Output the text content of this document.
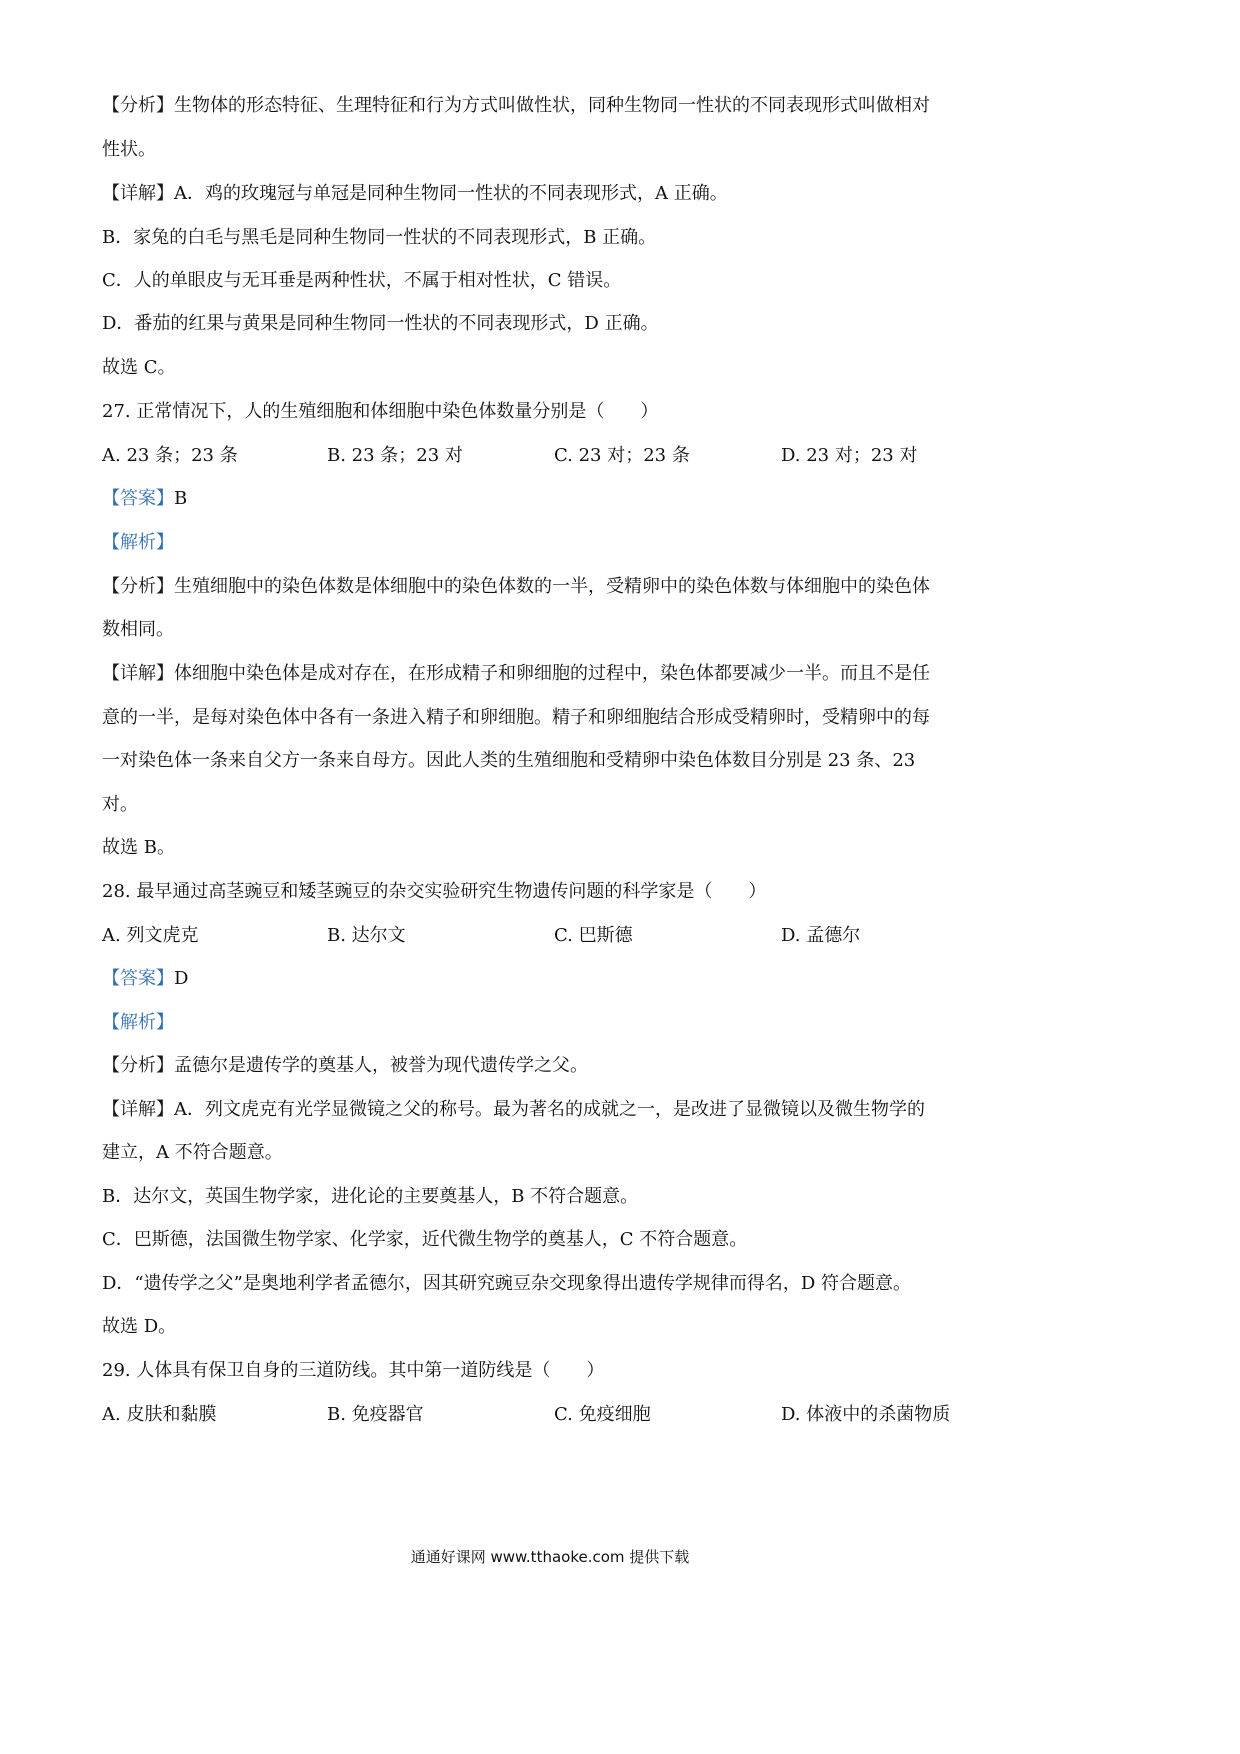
【分析】生物体的形态特征、生理特征和行为方式叫做性状，同种生物同一性状的不同表现形式叫做相对
性状。
【详解】A．鸡的玫瑰冠与单冠是同种生物同一性状的不同表现形式，A 正确。
B．家兔的白毛与黑毛是同种生物同一性状的不同表现形式，B 正确。
C．人的单眼皮与无耳垂是两种性状，不属于相对性状，C 错误。
D．番茄的红果与黄果是同种生物同一性状的不同表现形式，D 正确。
故选 C。
27. 正常情况下，人的生殖细胞和体细胞中染色体数量分别是（　　）
A. 23 条；23 条	B. 23 条；23 对	C. 23 对；23 条	D. 23 对；23 对
【答案】B
【解析】
【分析】生殖细胞中的染色体数是体细胞中的染色体数的一半，受精卵中的染色体数与体细胞中的染色体
数相同。
【详解】体细胞中染色体是成对存在，在形成精子和卵细胞的过程中，染色体都要减少一半。而且不是任
意的一半，是每对染色体中各有一条进入精子和卵细胞。精子和卵细胞结合形成受精卵时，受精卵中的每
一对染色体一条来自父方一条来自母方。因此人类的生殖细胞和受精卵中染色体数目分别是 23 条、23
对。
故选 B。
28. 最早通过高茎豌豆和矮茎豌豆的杂交实验研究生物遗传问题的科学家是（　　）
A. 列文虎克	B. 达尔文	C. 巴斯德	D. 孟德尔
【答案】D
【解析】
【分析】孟德尔是遗传学的奠基人，被誉为现代遗传学之父。
【详解】A．列文虎克有光学显微镜之父的称号。最为著名的成就之一，是改进了显微镜以及微生物学的
建立，A 不符合题意。
B．达尔文，英国生物学家，进化论的主要奠基人，B 不符合题意。
C．巴斯德，法国微生物学家、化学家，近代微生物学的奠基人，C 不符合题意。
D．“遗传学之父”是奥地利学者孟德尔，因其研究豌豆杂交现象得出遗传学规律而得名，D 符合题意。
故选 D。
29. 人体具有保卫自身的三道防线。其中第一道防线是（　　）
A. 皮肤和黏膜	B. 免疫器官	C. 免疫细胞	D. 体液中的杀菌物质
通通好课网 www.tthaoke.com 提供下载
